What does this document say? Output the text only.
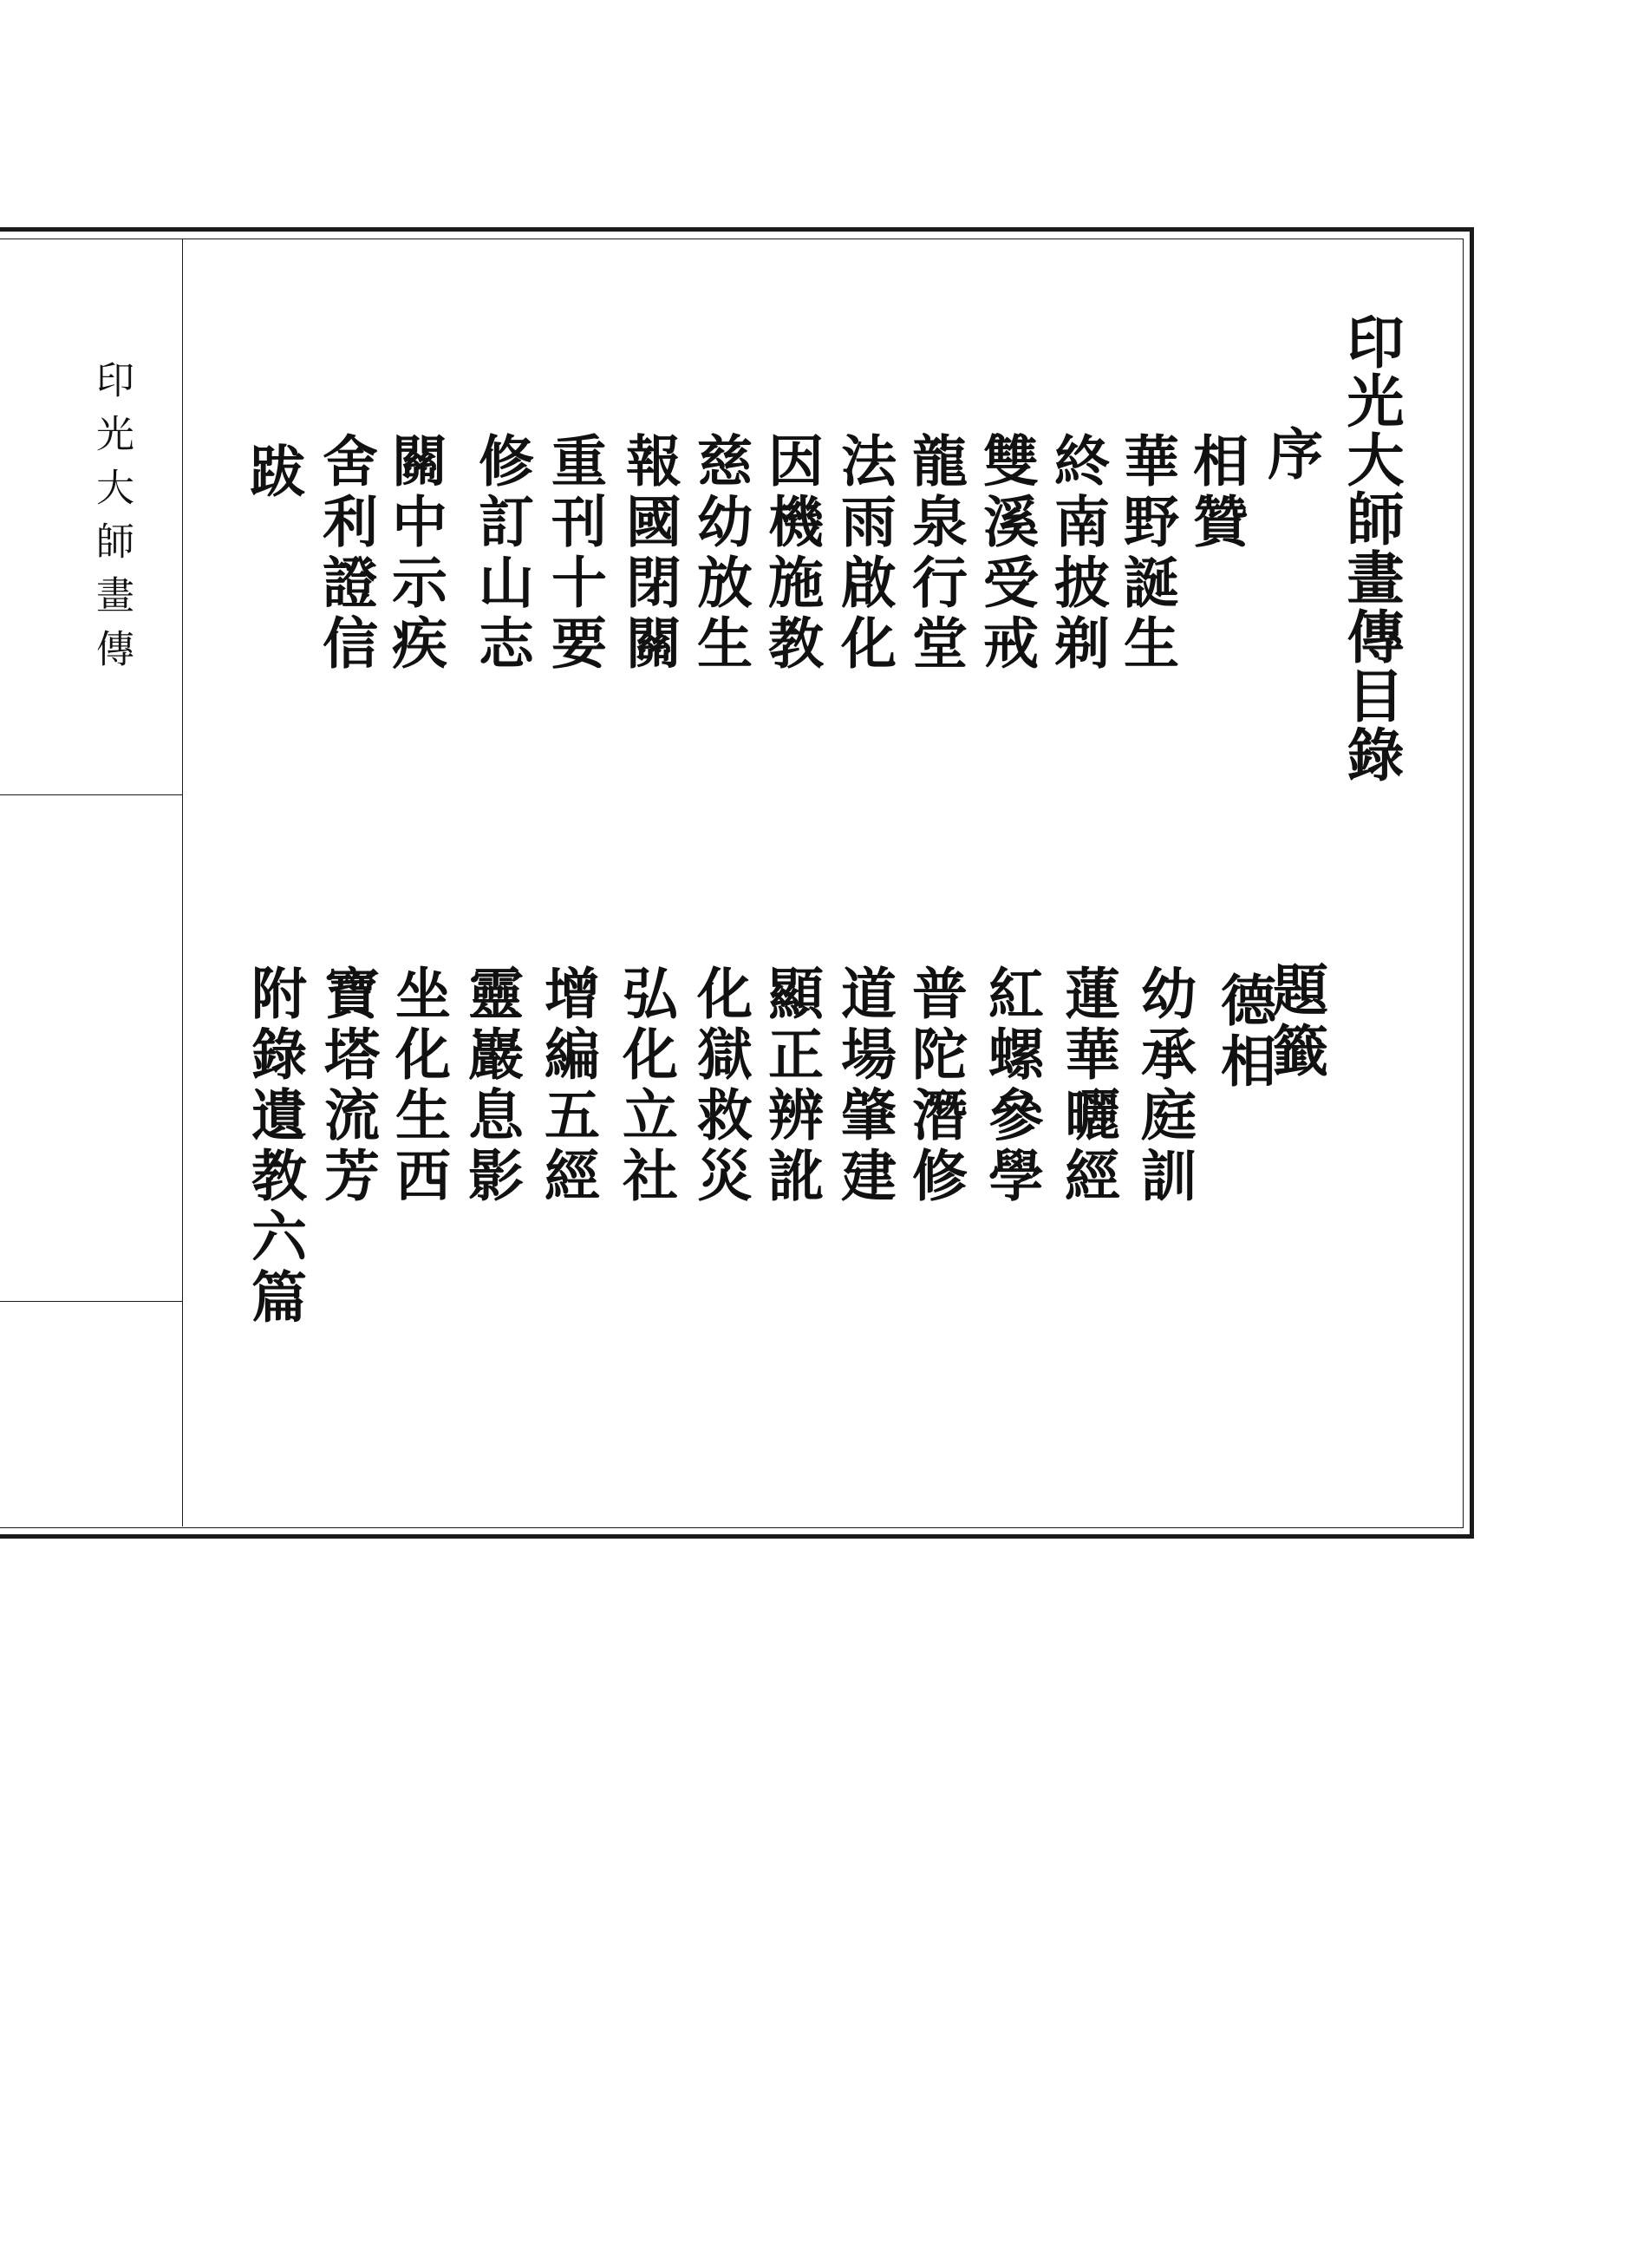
印光大師畫傳	印光大師畫傳目錄
序
相贊
華野誕生
終南披剃
雙溪受戒
龍泉行堂
法雨啟化
因機施教
慈幼放生
報國閉關
重刊十要
修訂山志
關中示疾
舍利證信
跋
題籤
德相
幼承庭訓
蓮華曬經
紅螺參學
普陀潛修
道場肇建
顯正辨訛
化獄救災
弘化立社
增編五經
靈巖息影
坐化生西
寶塔流芳
附錄遺教六篇
